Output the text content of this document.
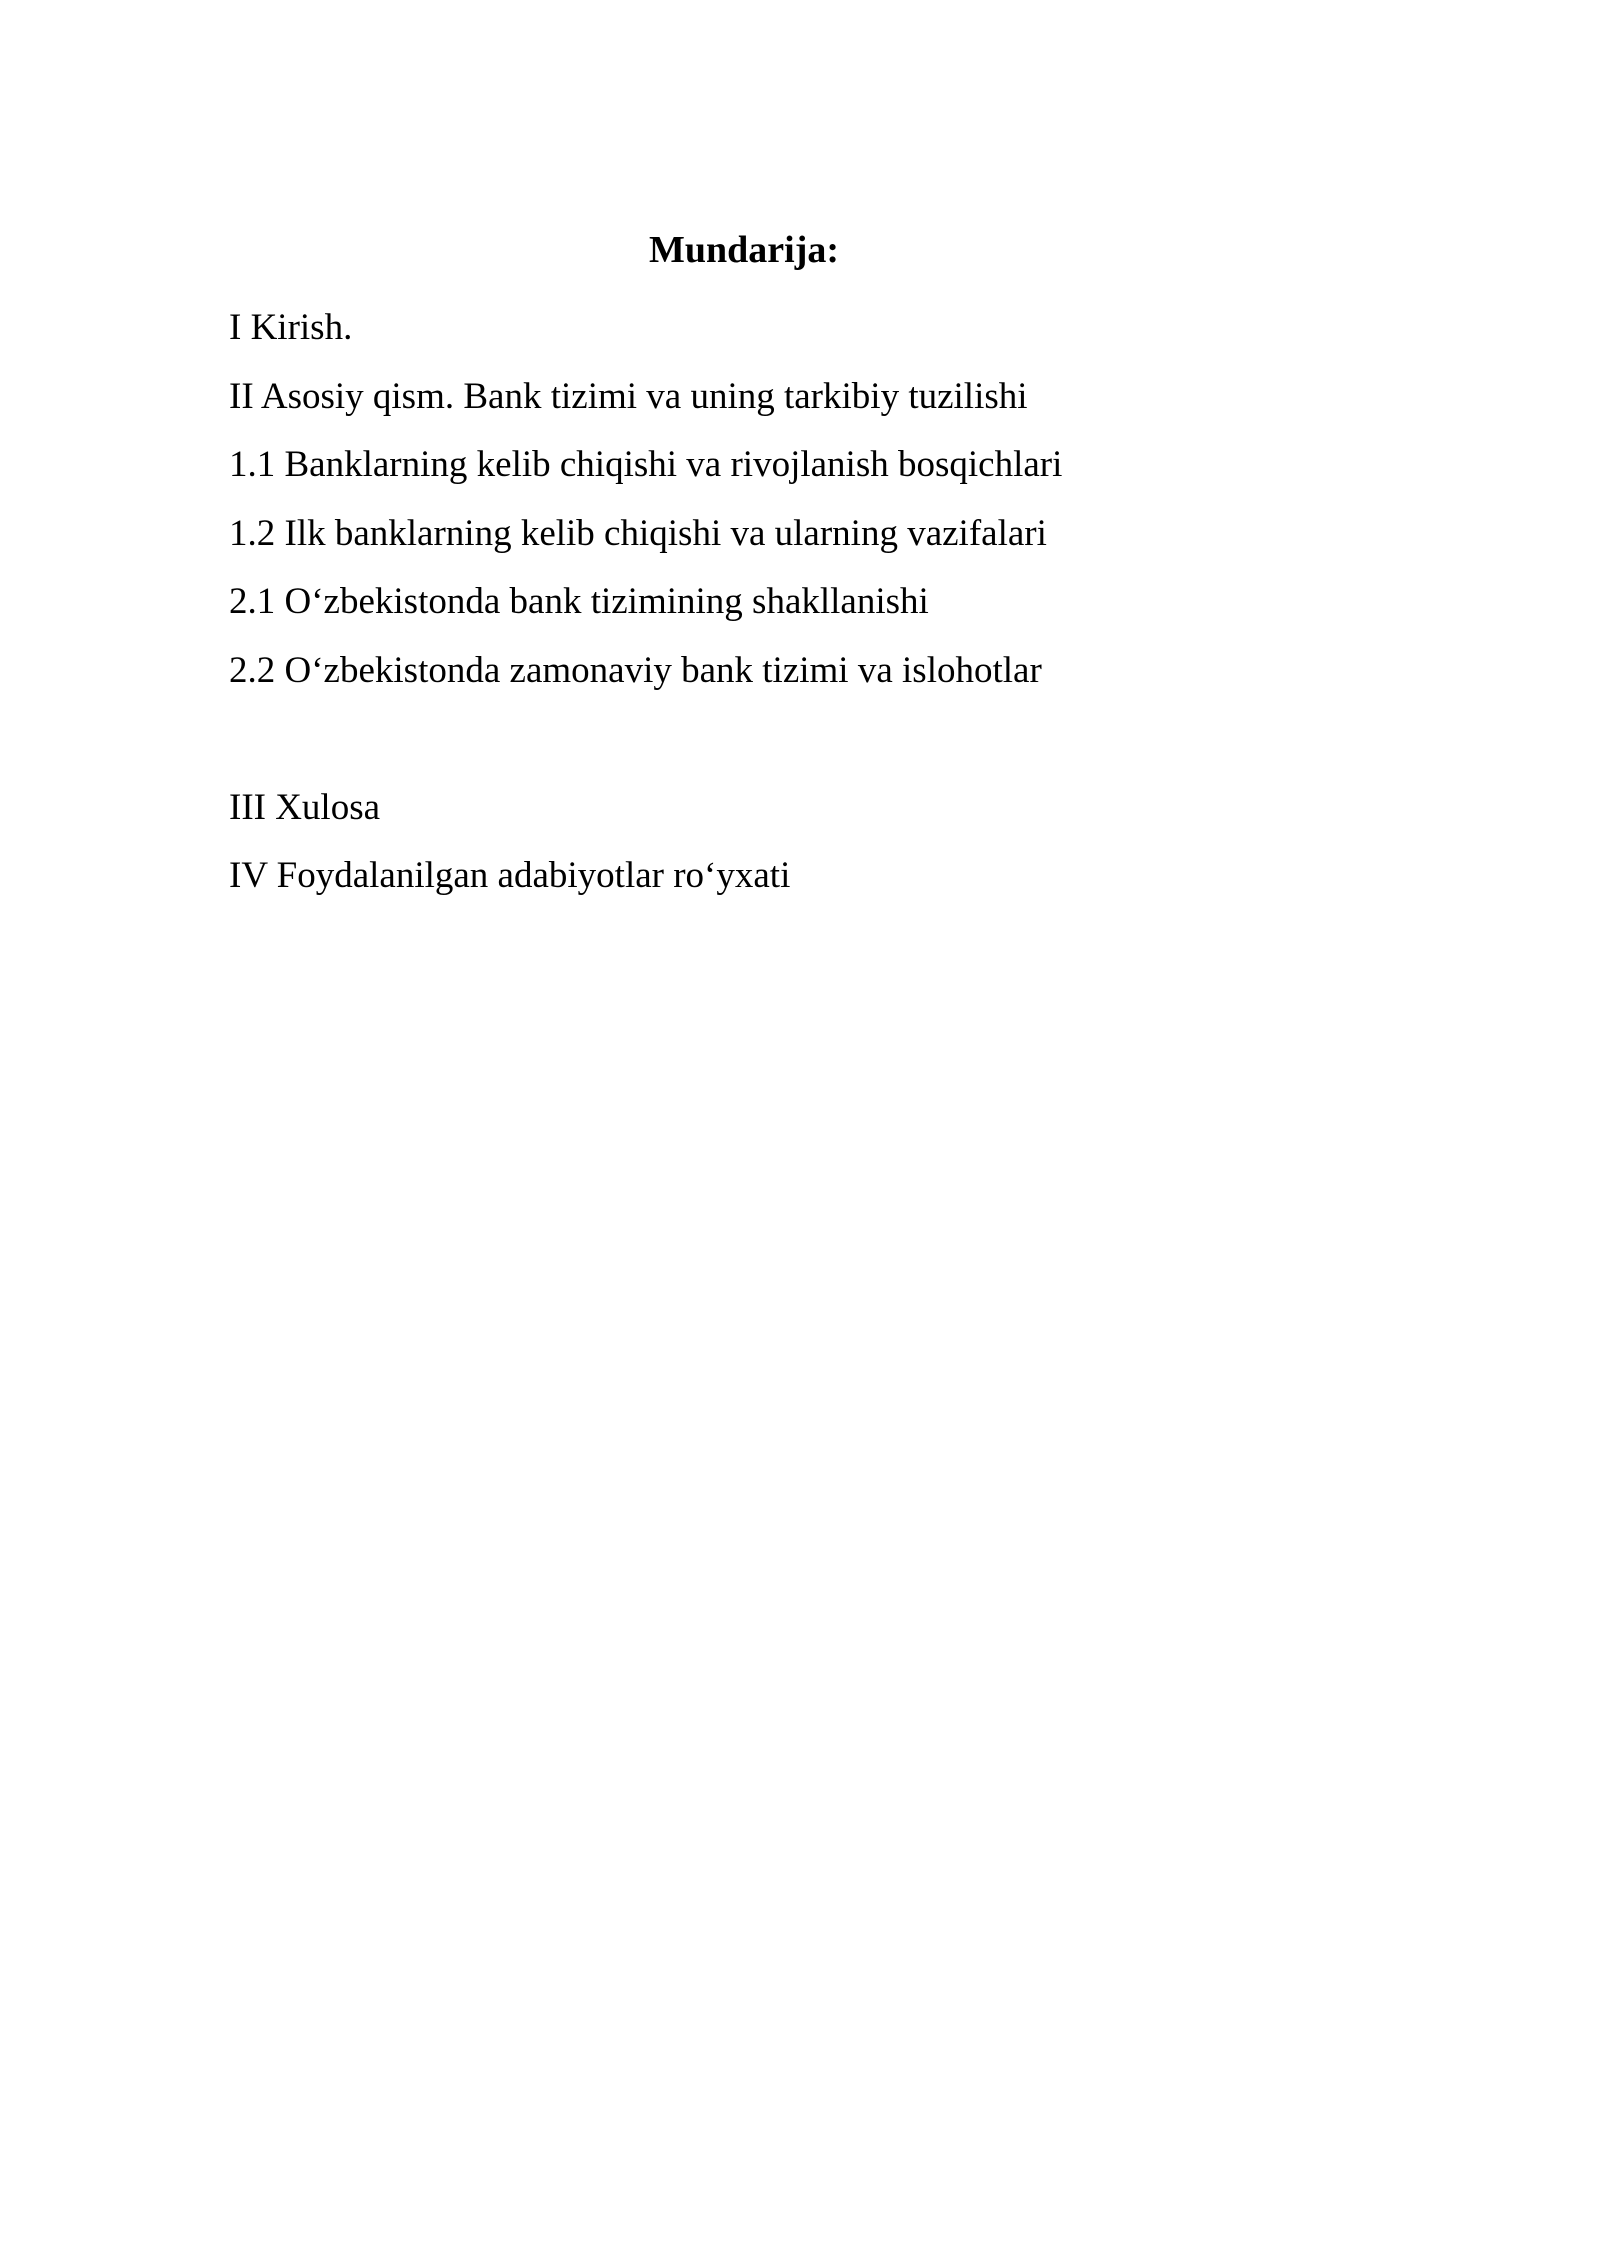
Mundarija:
I Kirish.
II Asosiy qism. Bank tizimi va uning tarkibiy tuzilishi
1.1 Banklarning kelib chiqishi va rivojlanish bosqichlari
1.2 Ilk banklarning kelib chiqishi va ularning vazifalari
2.1 O‘zbekistonda bank tizimining shakllanishi
2.2 O‘zbekistonda zamonaviy bank tizimi va islohotlar
III Xulosa
IV Foydalanilgan adabiyotlar ro‘yxati
